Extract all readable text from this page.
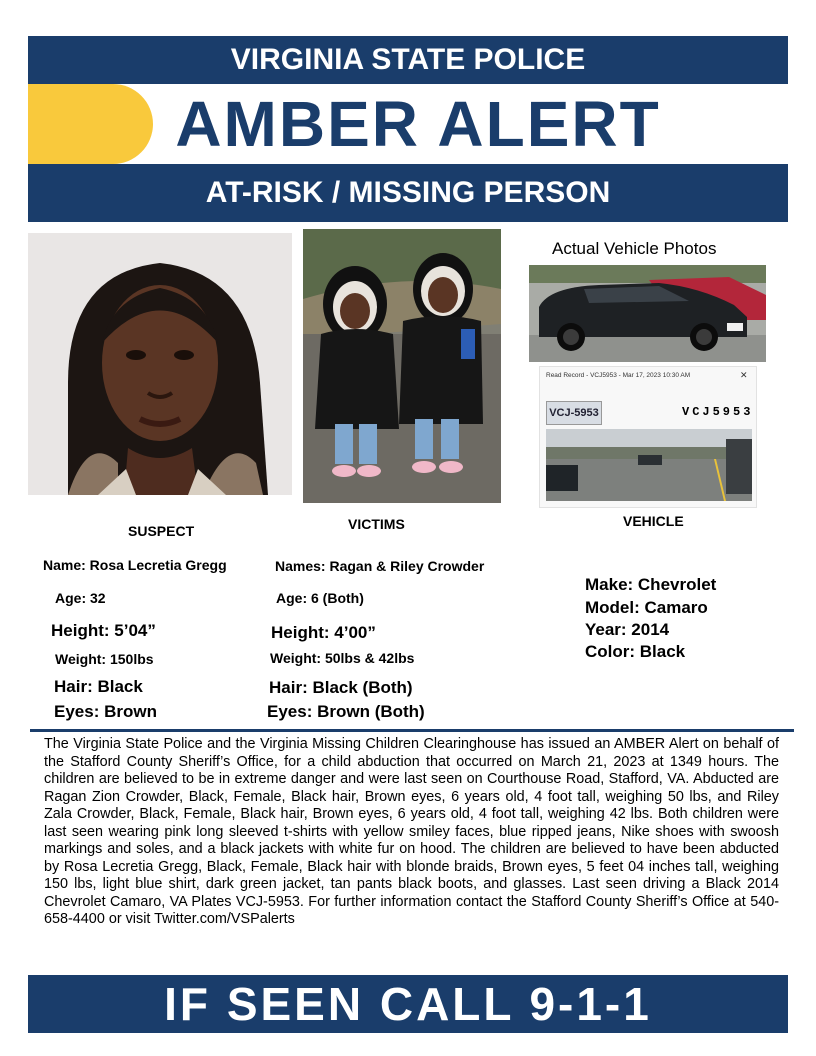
VIRGINIA STATE POLICE
AMBER ALERT
AT-RISK / MISSING PERSON
Actual Vehicle Photos
Read Record - VCJ5953 - Mar 17, 2023 10:30 AM	✕
VCJ-5953	VCJ5953
SUSPECT	VICTIMS	VEHICLE
Name: Rosa Lecretia Gregg
Age: 32
Height: 5’04”
Weight: 150lbs
Hair: Black
Eyes: Brown
Names: Ragan & Riley Crowder
Age: 6 (Both)
Height: 4’00”
Weight: 50lbs & 42lbs
Hair: Black (Both)
Eyes: Brown (Both)
Make: Chevrolet
Model: Camaro
Year: 2014
Color: Black
The Virginia State Police and the Virginia Missing Children Clearinghouse has issued an AMBER Alert on behalf of the Stafford County Sheriff’s Office, for a child abduction that occurred on March 21, 2023 at 1349 hours. The children are believed to be in extreme danger and were last seen on Courthouse Road, Stafford, VA. Abducted are Ragan Zion Crowder, Black, Female, Black hair, Brown eyes, 6 years old, 4 foot tall, weighing 50 lbs, and Riley Zala Crowder, Black, Female, Black hair, Brown eyes, 6 years old, 4 foot tall, weighing 42 lbs. Both children were last seen wearing pink long sleeved t-shirts with yellow smiley faces, blue ripped jeans, Nike shoes with swoosh markings and soles, and a black jackets with white fur on hood. The children are believed to have been abducted by Rosa Lecretia Gregg, Black, Female, Black hair with blonde braids, Brown eyes, 5 feet 04 inches tall, weighing 150 lbs, light blue shirt, dark green jacket, tan pants black boots, and glasses. Last seen driving a Black 2014 Chevrolet Camaro, VA Plates VCJ-5953. For further information contact the Stafford County Sheriff’s Office at 540-658-4400 or visit Twitter.com/VSPalerts
IF SEEN CALL 9-1-1
